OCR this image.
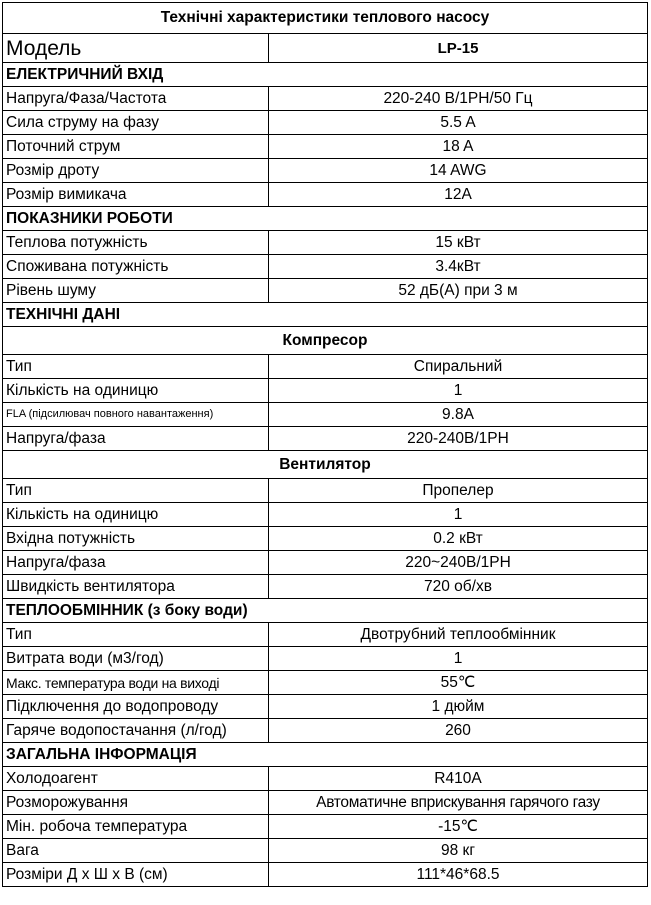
Технічні характеристики теплового насосу	
Модель	LP-15
ЕЛЕКТРИЧНИЙ ВХІД	
Напруга/Фаза/Частота	220-240 В/1PH/50 Гц
Сила струму на фазу	5.5 A
Поточний струм	18 A
Розмір дроту	14 AWG
Розмір вимикача	12A
ПОКАЗНИКИ РОБОТИ	
Теплова потужність	15 кВт
Споживана потужність	3.4кВт
Рівень шуму	52 дБ(A) при 3 м
ТЕХНІЧНІ ДАНІ	
Компресор	
Тип	Спиральний
Кількість на одиницю	1
FLA (підсилювач повного навантаження)	9.8A
Напруга/фаза	220-240В/1PH
Вентилятор	
Тип	Пропелер
Кількість на одиницю	1
Вхідна потужність	0.2 кВт
Напруга/фаза	220~240В/1PH
Швидкість вентилятора	720 об/хв
ТЕПЛООБМІННИК (з боку води)	
Тип	Двотрубний теплообмінник
Витрата води (м3/год)	1
Макс. температура води на виході	55℃
Підключення до водопроводу	1 дюйм
Гаряче водопостачання (л/год)	260
ЗАГАЛЬНА ІНФОРМАЦІЯ	
Холодоагент	R410A
Розморожування	Автоматичне вприскування гарячого газу
Мін. робоча температура	-15℃
Вага	98 кг
Розміри Д х Ш х В (см)	111*46*68.5
